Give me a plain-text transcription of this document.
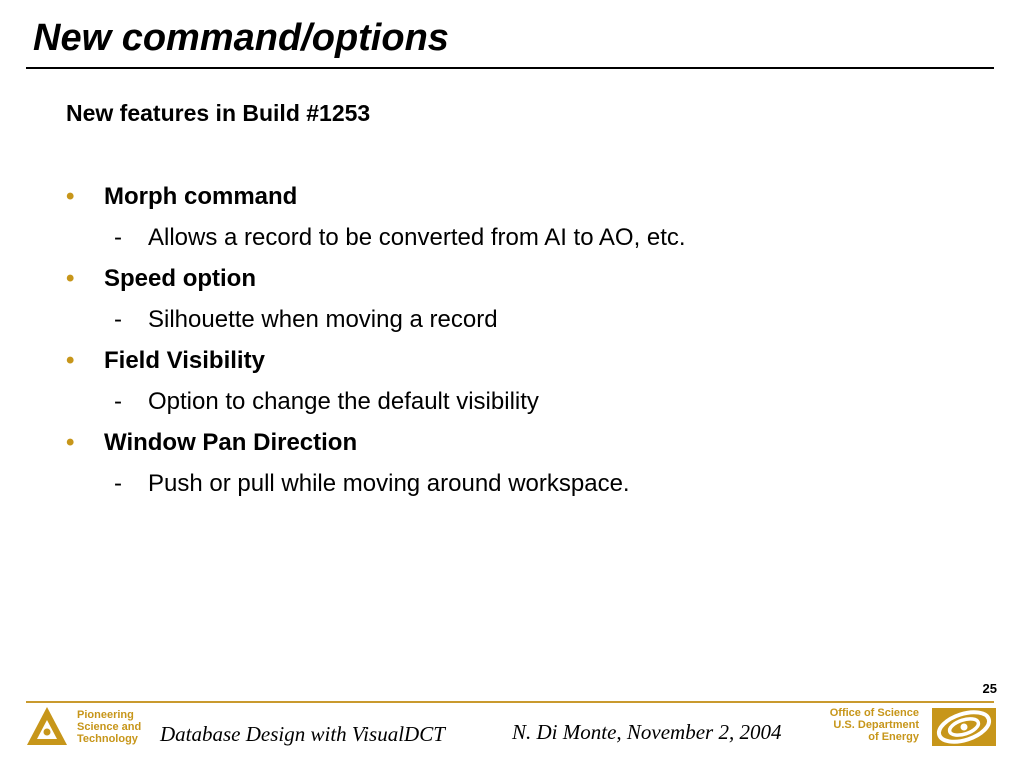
New command/options
New features in Build #1253
• Morph command
- Allows a record to be converted from AI to AO, etc.
• Speed option
- Silhouette when moving a record
• Field Visibility
- Option to change the default visibility
• Window Pan Direction
- Push or pull while moving around workspace.
25
Pioneering
Science and
Technology Database Design with VisualDCT	N. Di Monte, November 2, 2004
Office of Science
U.S. Department
of Energy
